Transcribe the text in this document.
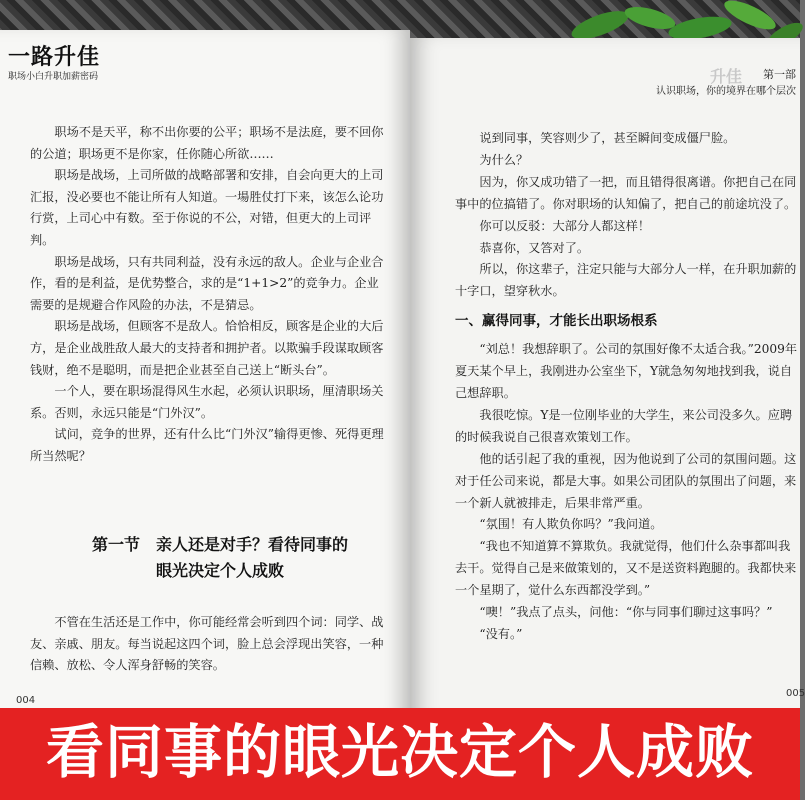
一路升佳
职场小白升职加薪密码

职场不是天平，称不出你要的公平；职场不是法庭，要不回你的公道；职场更不是你家，任你随心所欲……

职场是战场，上司所做的战略部署和安排，自会向更大的上司汇报，没必要也不能让所有人知道。一場胜仗打下来，该怎么论功行赏，上司心中有数。至于你说的不公，对错，但更大的上司评判。

职场是战场，只有共同利益，没有永远的敌人。企业与企业合作，看的是利益，是优势整合，求的是“1+1>2”的竞争力。企业需要的是规避合作风险的办法，不是猜忌。

职场是战场，但顾客不是敌人。恰恰相反，顾客是企业的大后方，是企业战胜敌人最大的支持者和拥护者。以欺骗手段谋取顾客钱财，绝不是聪明，而是把企业甚至自己送上“断头台”。

一个人，要在职场混得风生水起，必须认识职场，厘清职场关系。否则，永远只能是“门外汉”。

试问，竞争的世界，还有什么比“门外汉”输得更惨、死得更理所当然呢？

第一节　亲人还是对手？看待同事的
眼光决定个人成败

不管在生活还是工作中，你可能经常会听到四个词：同学、战友、亲戚、朋友。每当说起这四个词，脸上总会浮现出笑容，一种信赖、放松、令人浑身舒畅的笑容。

004
升佳	第一部
认识职场，你的境界在哪个层次

说到同事，笑容则少了，甚至瞬间变成僵尸脸。

为什么？

因为，你又成功错了一把，而且错得很离谱。你把自己在同事中的位搞错了。你对职场的认知偏了，把自己的前途坑没了。

你可以反驳：大部分人都这样！

恭喜你，又答对了。

所以，你这辈子，注定只能与大部分人一样，在升职加薪的十字口，望穿秋水。

一、赢得同事，才能长出职场根系

“刘总！我想辞职了。公司的氛围好像不太适合我。”2009年夏天某个早上，我刚进办公室坐下，Y就急匆匆地找到我，说自己想辞职。

我很吃惊。Y是一位刚毕业的大学生，来公司没多久。应聘的时候我说自己很喜欢策划工作。

他的话引起了我的重视，因为他说到了公司的氛围问题。这对于任公司来说，都是大事。如果公司团队的氛围出了问题，来一个新人就被排走，后果非常严重。

“氛围！有人欺负你吗？”我问道。

“我也不知道算不算欺负。我就觉得，他们什么杂事都叫我去干。觉得自己是来做策划的，又不是送资料跑腿的。我都快来一个星期了，觉什么东西都没学到。”

“噢！”我点了点头，问他：“你与同事们聊过这事吗？”

“没有。”

005
看同事的眼光决定个人成败
